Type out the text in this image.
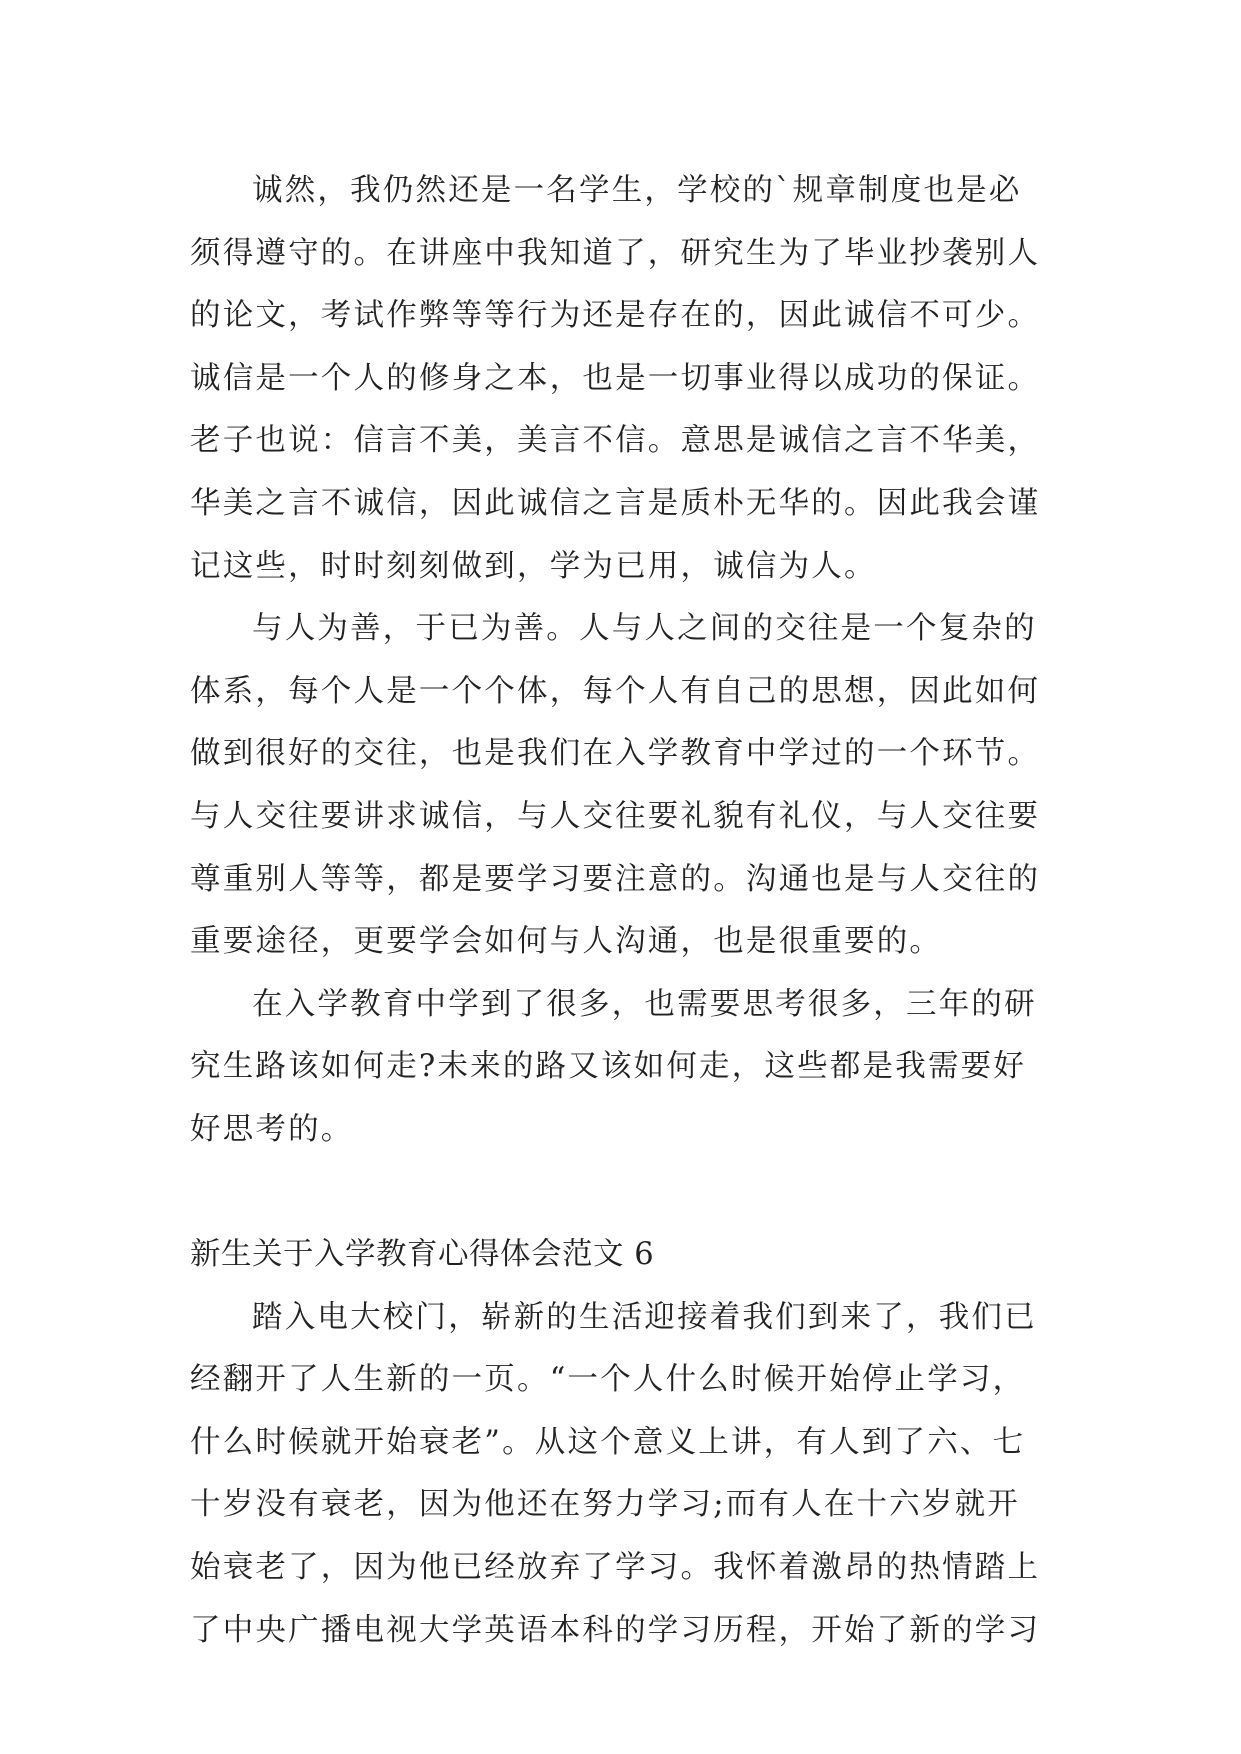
诚然，我仍然还是一名学生，学校的`规章制度也是必
须得遵守的。在讲座中我知道了，研究生为了毕业抄袭别人
的论文，考试作弊等等行为还是存在的，因此诚信不可少。
诚信是一个人的修身之本，也是一切事业得以成功的保证。
老子也说：信言不美，美言不信。意思是诚信之言不华美，
华美之言不诚信，因此诚信之言是质朴无华的。因此我会谨
记这些，时时刻刻做到，学为已用，诚信为人。
与人为善，于已为善。人与人之间的交往是一个复杂的
体系，每个人是一个个体，每个人有自己的思想，因此如何
做到很好的交往，也是我们在入学教育中学过的一个环节。
与人交往要讲求诚信，与人交往要礼貌有礼仪，与人交往要
尊重别人等等，都是要学习要注意的。沟通也是与人交往的
重要途径，更要学会如何与人沟通，也是很重要的。
在入学教育中学到了很多，也需要思考很多，三年的研
究生路该如何走?未来的路又该如何走，这些都是我需要好
好思考的。
新生关于入学教育心得体会范文 6
踏入电大校门，崭新的生活迎接着我们到来了，我们已
经翻开了人生新的一页。“一个人什么时候开始停止学习，
什么时候就开始衰老”。从这个意义上讲，有人到了六、七
十岁没有衰老，因为他还在努力学习;而有人在十六岁就开
始衰老了，因为他已经放弃了学习。我怀着激昂的热情踏上
了中央广播电视大学英语本科的学习历程，开始了新的学习
